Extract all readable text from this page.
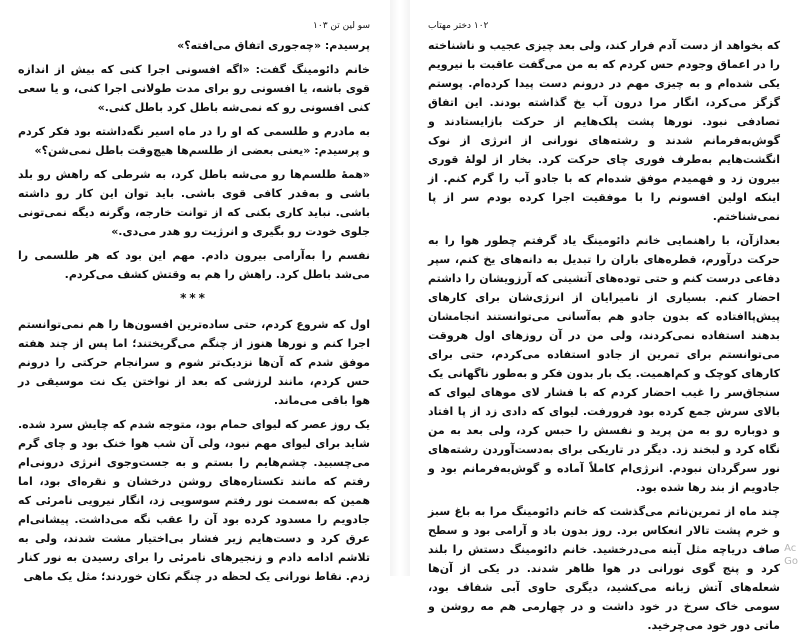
سو لین تن ۱۰۳

پرسیدم: «چه‌جوری اتفاق می‌افته؟»

خانم دائومینگ گفت: «اگه افسونی اجرا کنی که بیش از اندازه قوی باشه، یا افسونی رو برای مدت طولانی اجرا کنی، و یا سعی کنی افسونی رو که نمی‌شه باطل کرد باطل کنی.»

به مادرم و طلسمی که او را در ماه اسیر نگه‌داشته بود فکر کردم و پرسیدم: «یعنی بعضی از طلسم‌ها هیچ‌وقت باطل نمی‌شن؟»

«همهٔ طلسم‌ها رو می‌شه باطل کرد، به شرطی که راهش رو بلد باشی و به‌قدر کافی قوی باشی. باید توان این کار رو داشته باشی. نباید کاری بکنی که از توانت خارجه، وگرنه دیگه نمی‌تونی جلوی خودت رو بگیری و انرژیت رو هدر می‌دی.»

نفسم را به‌آرامی بیرون دادم. مهم این بود که هر طلسمی را می‌شد باطل کرد. راهش را هم به وقتش کشف می‌کردم.

***

اول که شروع کردم، حتی ساده‌ترین افسون‌ها را هم نمی‌توانستم اجرا کنم و نورها هنوز از چنگم می‌گریختند؛ اما پس از چند هفته موفق شدم که آن‌ها نزدیک‌تر شوم و سرانجام حرکتی را درونم حس کردم، مانند لرزشی که بعد از نواختن یک نت موسیقی در هوا باقی می‌ماند.

یک روز عصر که لیوای حمام بود، متوجه شدم که چایش سرد شده. شاید برای لیوای مهم نبود، ولی آن شب هوا خنک بود و چای گرم می‌چسبید. چشم‌هایم را بستم و به جست‌وجوی انرژی درونی‌ام رفتم که مانند تکستاره‌های روشن درخشان و نقره‌ای بود، اما همین که به‌سمت نور رفتم سوسویی زد، انگار نیرویی نامرئی که جادویم را مسدود کرده بود آن را عقب نگه می‌داشت. پیشانی‌ام عرق کرد و دست‌هایم زیر فشار بی‌اختیار مشت شدند، ولی به تلاشم ادامه دادم و زنجیرهای نامرئی را برای رسیدن به نور کنار زدم. نقاط نورانی یک لحظه در چنگم تکان خوردند؛ مثل یک ماهی

۱۰۲ دختر مهتاب

که بخواهد از دست آدم فرار کند، ولی بعد چیزی عجیب و ناشناخته را در اعماق وجودم حس کردم که به من می‌گفت عاقبت با نیرویم یکی شده‌ام و به چیزی مهم در درونم دست پیدا کرده‌ام. پوستم گزگز می‌کرد، انگار مرا درون آب یخ گذاشته بودند. این اتفاق تصادفی نبود. نورها پشت پلک‌هایم از حرکت بازایستادند و گوش‌به‌فرمانم شدند و رشته‌های نورانی از انرژی از نوک انگشت‌هایم به‌طرف فوری چای حرکت کرد. بخار از لولهٔ قوری بیرون زد و فهمیدم موفق شده‌ام که با جادو آب را گرم کنم. از اینکه اولین افسونم را با موفقیت اجرا کرده بودم سر از پا نمی‌شناختم.

بعدازآن، با راهنمایی خانم دائومینگ یاد گرفتم چطور هوا را به حرکت درآورم، قطره‌های باران را تبدیل به دانه‌های یخ کنم، سپر دفاعی درست کنم و حتی توده‌های آتشینی که آرزویشان را داشتم احضار کنم. بسیاری از نامیرایان از انرژی‌شان برای کارهای پیش‌پاافتاده که بدون جادو هم به‌آسانی می‌توانستند انجامشان بدهند استفاده نمی‌کردند، ولی من در آن روزهای اول هروقت می‌توانستم برای تمرین از جادو استفاده می‌کردم، حتی برای کارهای کوچک و کم‌اهمیت. یک بار بدون فکر و به‌طور ناگهانی یک سنجاق‌سر را غیب احضار کردم که با فشار لای موهای لیوای که بالای سرش جمع کرده بود فرورفت. لیوای که دادی زد از پا افتاد و دوباره رو به من پرید و نفسش را حبس کرد، ولی بعد به من نگاه کرد و لبخند زد. دیگر در تاریکی برای به‌دست‌آوردن رشته‌های نور سرگردان نبودم. انرژی‌ام کاملاً آماده و گوش‌به‌فرمانم بود و جادویم از بند رها شده بود.

چند ماه از تمرین‌ناتم می‌گذشت که خانم دائومینگ مرا به باغ سبز و خرم پشت تالار انعکاس برد. روز بدون باد و آرامی بود و سطح صاف دریاچه مثل آینه می‌درخشید. خانم دائومینگ دستش را بلند کرد و پنج گوی نورانی در هوا ظاهر شدند. در یکی از آن‌ها شعله‌های آتش زبانه می‌کشید، دیگری حاوی آبی شفاف بود، سومی خاک سرخ در خود داشت و در چهارمی هم مه روشن و ماتی دور خود می‌چرخید.

Ac
Go
